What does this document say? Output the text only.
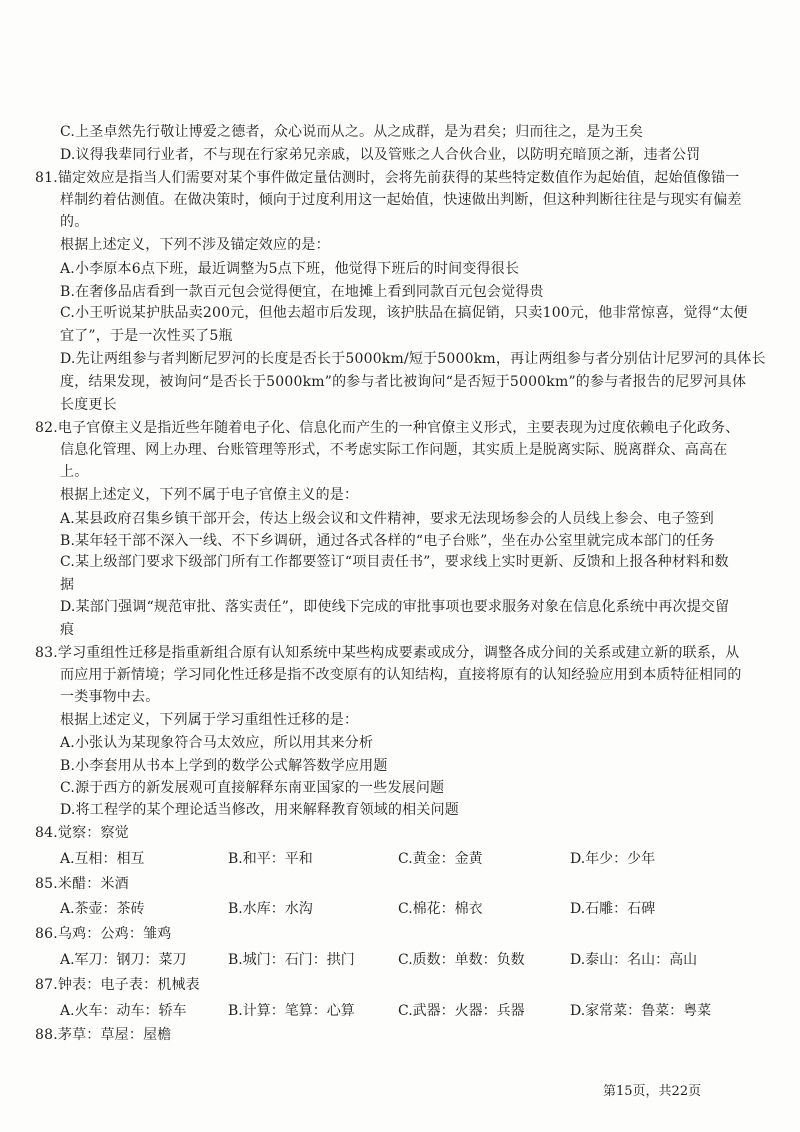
C.上圣卓然先行敬让博爱之德者，众心说而从之。从之成群，是为君矣；归而往之，是为王矣

D.议得我辈同行业者，不与现在行家弟兄亲戚，以及管账之人合伙合业，以防明充暗顶之渐，违者公罚

81.锚定效应是指当人们需要对某个事件做定量估测时，会将先前获得的某些特定数值作为起始值，起始值像锚一

样制约着估测值。在做决策时，倾向于过度利用这一起始值，快速做出判断，但这种判断往往是与现实有偏差

的。

根据上述定义，下列不涉及锚定效应的是：

A.小李原本6点下班，最近调整为5点下班，他觉得下班后的时间变得很长

B.在奢侈品店看到一款百元包会觉得便宜，在地摊上看到同款百元包会觉得贵

C.小王听说某护肤品卖200元，但他去超市后发现，该护肤品在搞促销，只卖100元，他非常惊喜，觉得“太便

宜了”，于是一次性买了5瓶

D.先让两组参与者判断尼罗河的长度是否长于5000km/短于5000km，再让两组参与者分别估计尼罗河的具体长

度，结果发现，被询问“是否长于5000km”的参与者比被询问“是否短于5000km”的参与者报告的尼罗河具体

长度更长

82.电子官僚主义是指近些年随着电子化、信息化而产生的一种官僚主义形式，主要表现为过度依赖电子化政务、

信息化管理、网上办理、台账管理等形式，不考虑实际工作问题，其实质上是脱离实际、脱离群众、高高在

上。

根据上述定义，下列不属于电子官僚主义的是：

A.某县政府召集乡镇干部开会，传达上级会议和文件精神，要求无法现场参会的人员线上参会、电子签到

B.某年轻干部不深入一线、不下乡调研，通过各式各样的“电子台账”，坐在办公室里就完成本部门的任务

C.某上级部门要求下级部门所有工作都要签订“项目责任书”，要求线上实时更新、反馈和上报各种材料和数

据

D.某部门强调“规范审批、落实责任”，即使线下完成的审批事项也要求服务对象在信息化系统中再次提交留

痕

83.学习重组性迁移是指重新组合原有认知系统中某些构成要素或成分，调整各成分间的关系或建立新的联系，从

而应用于新情境；学习同化性迁移是指不改变原有的认知结构，直接将原有的认知经验应用到本质特征相同的

一类事物中去。

根据上述定义，下列属于学习重组性迁移的是：

A.小张认为某现象符合马太效应，所以用其来分析

B.小李套用从书本上学到的数学公式解答数学应用题

C.源于西方的新发展观可直接解释东南亚国家的一些发展问题

D.将工程学的某个理论适当修改，用来解释教育领域的相关问题

84.觉察：察觉

A.互相：相互	B.和平：平和	C.黄金：金黄	D.年少：少年

85.米醋：米酒

A.茶壶：茶砖	B.水库：水沟	C.棉花：棉衣	D.石雕：石碑

86.乌鸡：公鸡：雏鸡

A.军刀：钢刀：菜刀	B.城门：石门：拱门	C.质数：单数：负数	D.泰山：名山：高山

87.钟表：电子表：机械表

A.火车：动车：轿车	B.计算：笔算：心算	C.武器：火器：兵器	D.家常菜：鲁菜：粤菜

88.茅草：草屋：屋檐

第15页，共22页
